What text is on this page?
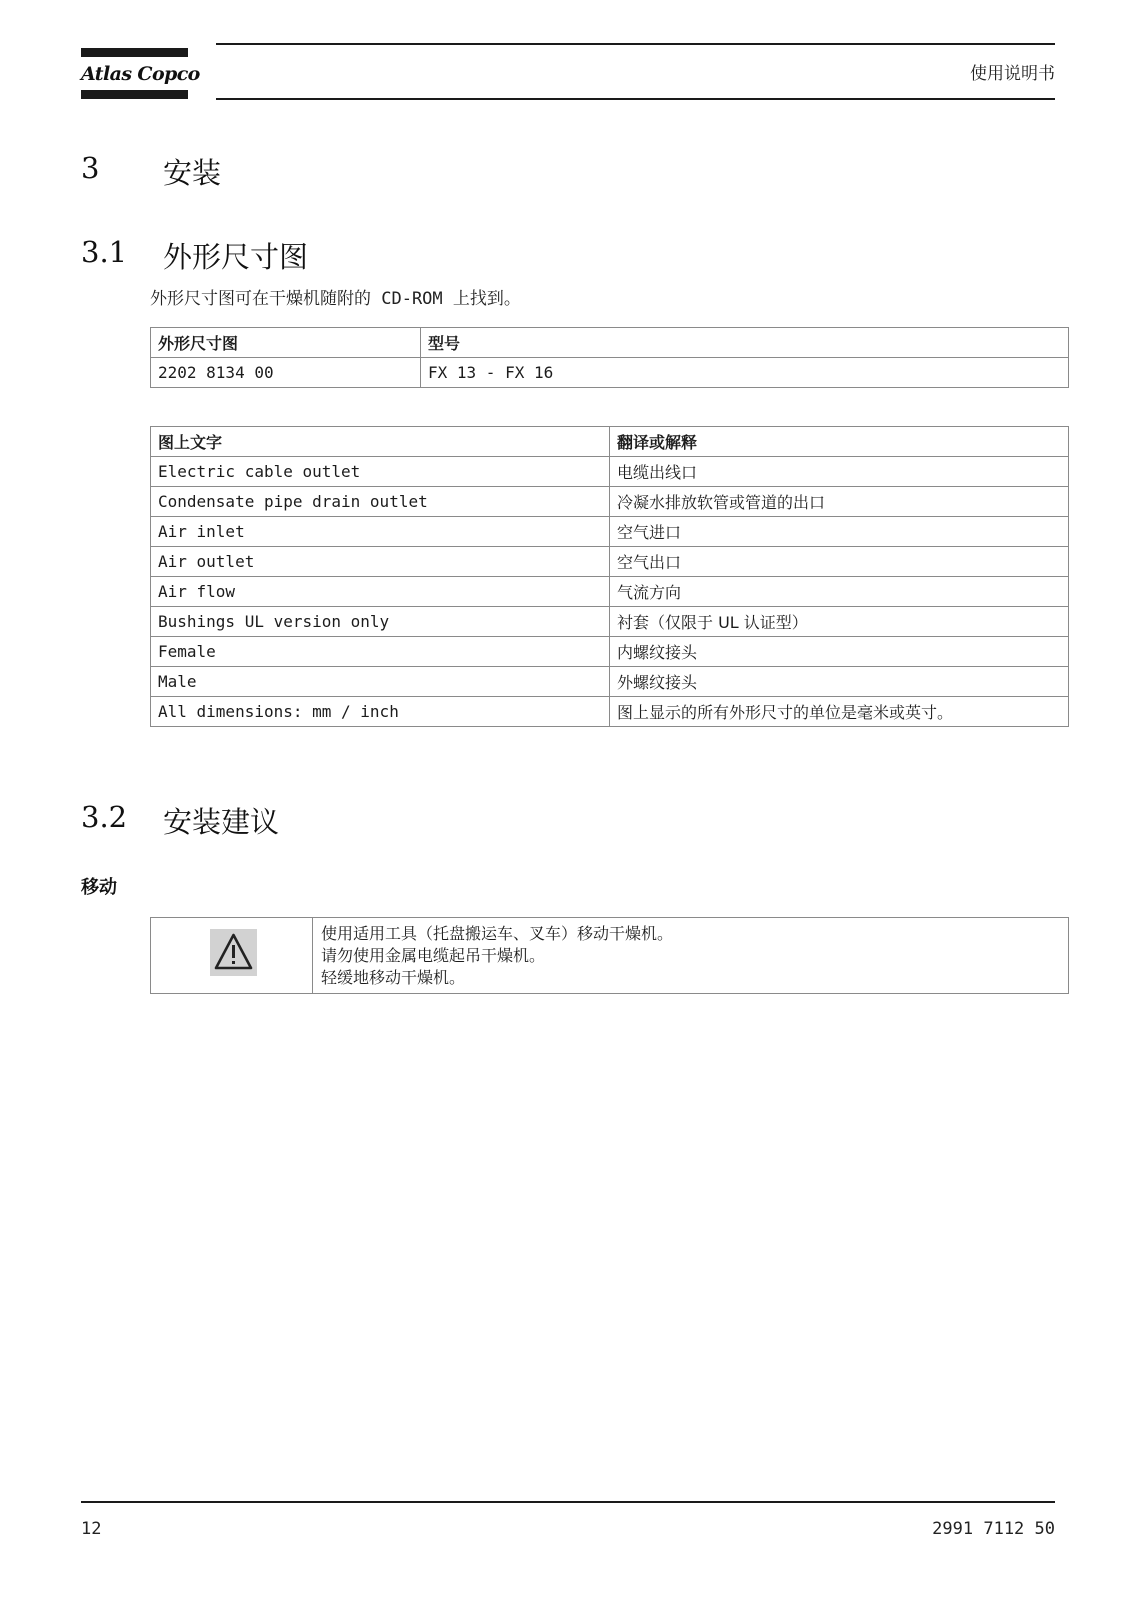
Atlas Copco	使用说明书
3 安装
3.1 外形尺寸图
外形尺寸图可在干燥机随附的 CD-ROM 上找到。
外形尺寸图	型号
2202 8134 00	FX 13 - FX 16
图上文字	翻译或解释
Electric cable outlet	电缆出线口
Condensate pipe drain outlet	冷凝水排放软管或管道的出口
Air inlet	空气进口
Air outlet	空气出口
Air flow	气流方向
Bushings UL version only	衬套（仅限于 UL 认证型）
Female	内螺纹接头
Male	外螺纹接头
All dimensions: mm / inch	图上显示的所有外形尺寸的单位是毫米或英寸。
3.2 安装建议
移动
使用适用工具（托盘搬运车、叉车）移动干燥机。
请勿使用金属电缆起吊干燥机。
轻缓地移动干燥机。
12	2991 7112 50
